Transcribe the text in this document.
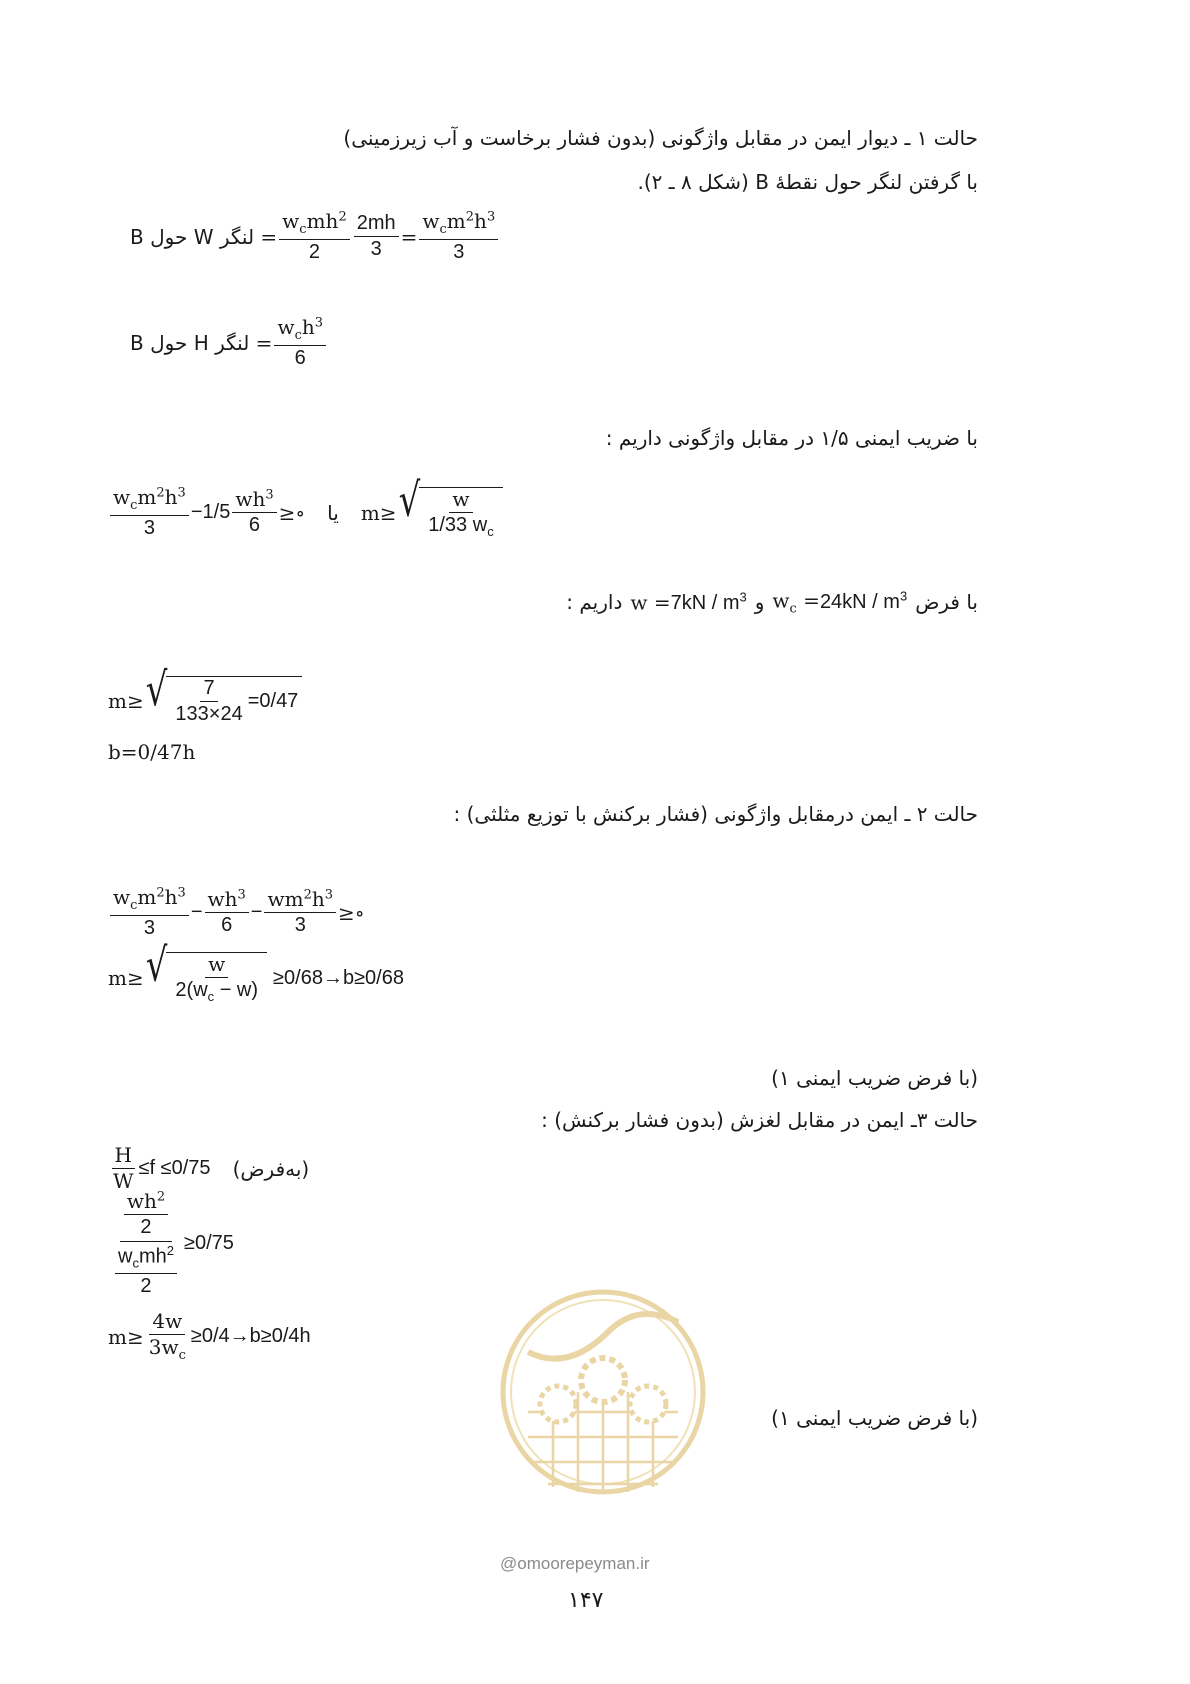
حالت ۱ ـ دیوار ایمن در مقابل واژگونی (بدون فشار برخاست و آب زیرزمینی)
با گرفتن لنگر حول نقطهٔ B (شکل ۸ ـ ۲).
لنگر W حول $B = \frac{w_cmh^2}{2} \frac{2mh}{3} = \frac{w_cm^2h^3}{3}$
لنگر H حول $B = \frac{w_ch^3}{6}$
با ضریب ایمنی ۱/۵ در مقابل واژگونی داریم :
$\frac{w_cm^2h^3}{3} - 1/5 \frac{wh^3}{6}$ ≥∘ یا m≥ √ $\frac{w}{1/33 w_c}$
با فرض
$w_c =24kN / m^3$
و
$w =7kN / m^3$
داریم :
m≥ √ $\frac{7}{133\times 24} =0/47$
b=0/47h
حالت ۲ ـ ایمن درمقابل واژگونی (فشار برکنش با توزیع مثلثی) :
$\frac{w_cm^2h^3}{3} - \frac{wh^3}{6} - \frac{wm^2h^3}{3}$ ≥∘
m≥ √ $\frac{w}{2(w_c - w)} \ge 0/68\to b\ge 0/68$
(با فرض ضریب ایمنی ۱)
حالت ۳ـ ایمن در مقابل لغزش (بدون فشار برکنش) :
$\frac{H}{W} \le f \le 0/75$ (به‌فرض)
$\frac{\frac{wh^2}{2}}{\frac{w_cmh^2}{2}} \ge 0/75$
$m\ge \frac{4w}{3w_c} \ge 0/4\to b\ge 0/4h$
(با فرض ضریب ایمنی ۱)
@omoorepeyman.ir
۱۴۷
